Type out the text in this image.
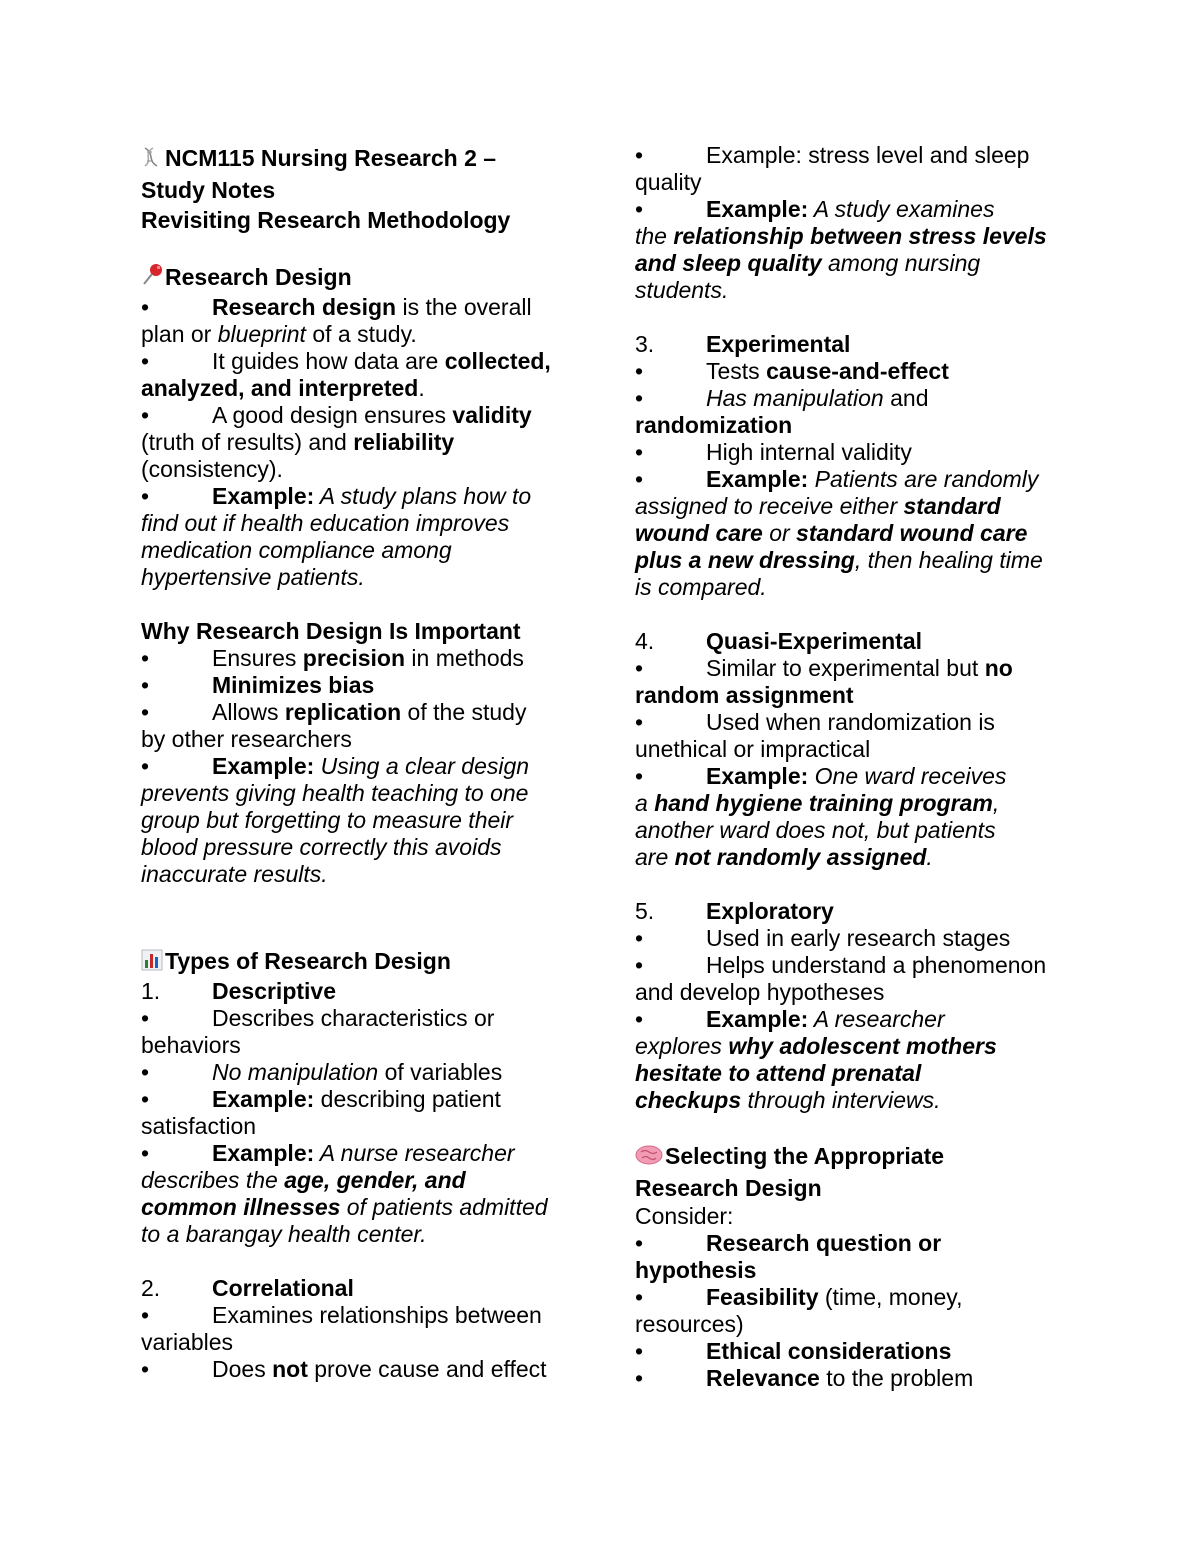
NCM115 Nursing Research 2 –

Study Notes

Revisiting Research Methodology

Research Design

•	Research design is the overall

plan or blueprint of a study.

•	It guides how data are collected,

analyzed, and interpreted.

•	A good design ensures validity

(truth of results) and reliability

(consistency).

•	Example: A study plans how to

find out if health education improves

medication compliance among

hypertensive patients.

Why Research Design Is Important

•	Ensures precision in methods

•	Minimizes bias

•	Allows replication of the study

by other researchers

•	Example: Using a clear design

prevents giving health teaching to one

group but forgetting to measure their

blood pressure correctly this avoids

inaccurate results.

Types of Research Design

1. Descriptive

•	Describes characteristics or

behaviors

•	No manipulation of variables

•	Example: describing patient

satisfaction

•	Example: A nurse researcher

describes the age, gender, and

common illnesses of patients admitted

to a barangay health center.

2. Correlational

•	Examines relationships between

variables

•	Does not prove cause and effect

•	Example: stress level and sleep

quality

•	Example: A study examines

the relationship between stress levels

and sleep quality among nursing

students.

3. Experimental

•	Tests cause-and-effect

•	Has manipulation and

randomization

•	High internal validity

•	Example: Patients are randomly

assigned to receive either standard

wound care or standard wound care

plus a new dressing, then healing time

is compared.

4. Quasi-Experimental

•	Similar to experimental but no

random assignment

•	Used when randomization is

unethical or impractical

•	Example: One ward receives

a hand hygiene training program,

another ward does not, but patients

are not randomly assigned.

5. Exploratory

•	Used in early research stages

•	Helps understand a phenomenon

and develop hypotheses

•	Example: A researcher

explores why adolescent mothers

hesitate to attend prenatal

checkups through interviews.

Selecting the Appropriate

Research Design

Consider:

•	Research question or

hypothesis

•	Feasibility (time, money,

resources)

•	Ethical considerations

•	Relevance to the problem
